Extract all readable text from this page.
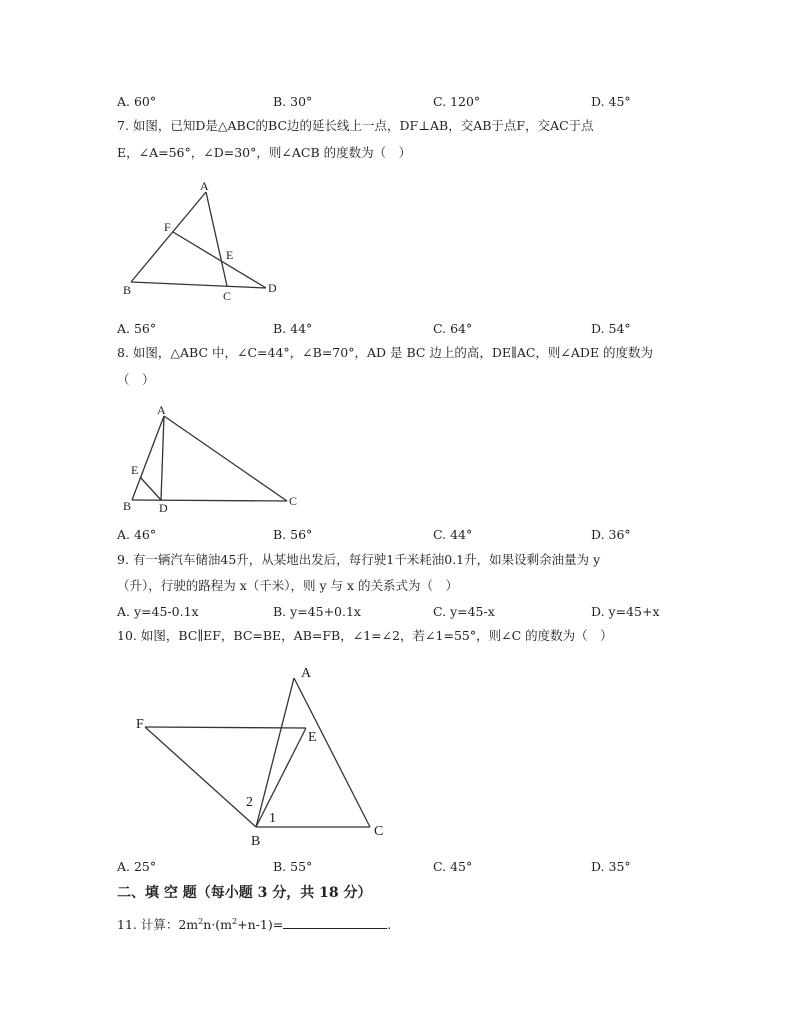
A. 60°	B. 30°	C. 120°	D. 45°
7. 如图，已知D是△ABC的BC边的延长线上一点，DF⊥AB，交AB于点F，交AC于点
E，∠A=56°，∠D=30°，则∠ACB 的度数为（　）
A
F
E
B	C
D
A
E
B D	C
A
F
E
2
1
B
C
A. 56°	B. 44°	C. 64°	D. 54°
8. 如图，△ABC 中，∠C=44°，∠B=70°，AD 是 BC 边上的高，DE∥AC，则∠ADE 的度数为
（　）
A. 46°	B. 56°	C. 44°	D. 36°
9. 有一辆汽车储油45升，从某地出发后，每行驶1千米耗油0.1升，如果设剩余油量为 y
（升），行驶的路程为 x（千米），则 y 与 x 的关系式为（　）
A. y=45-0.1x	B. y=45+0.1x	C. y=45-x	D. y=45+x
10. 如图，BC∥EF，BC=BE，AB=FB，∠1=∠2，若∠1=55°，则∠C 的度数为（　）
A. 25°	B. 55°	C. 45°	D. 35°
二、填 空 题（每小题 3 分，共 18 分）
11. 计算：$2m^2n\cdot(m^2+n-1)=$	.
